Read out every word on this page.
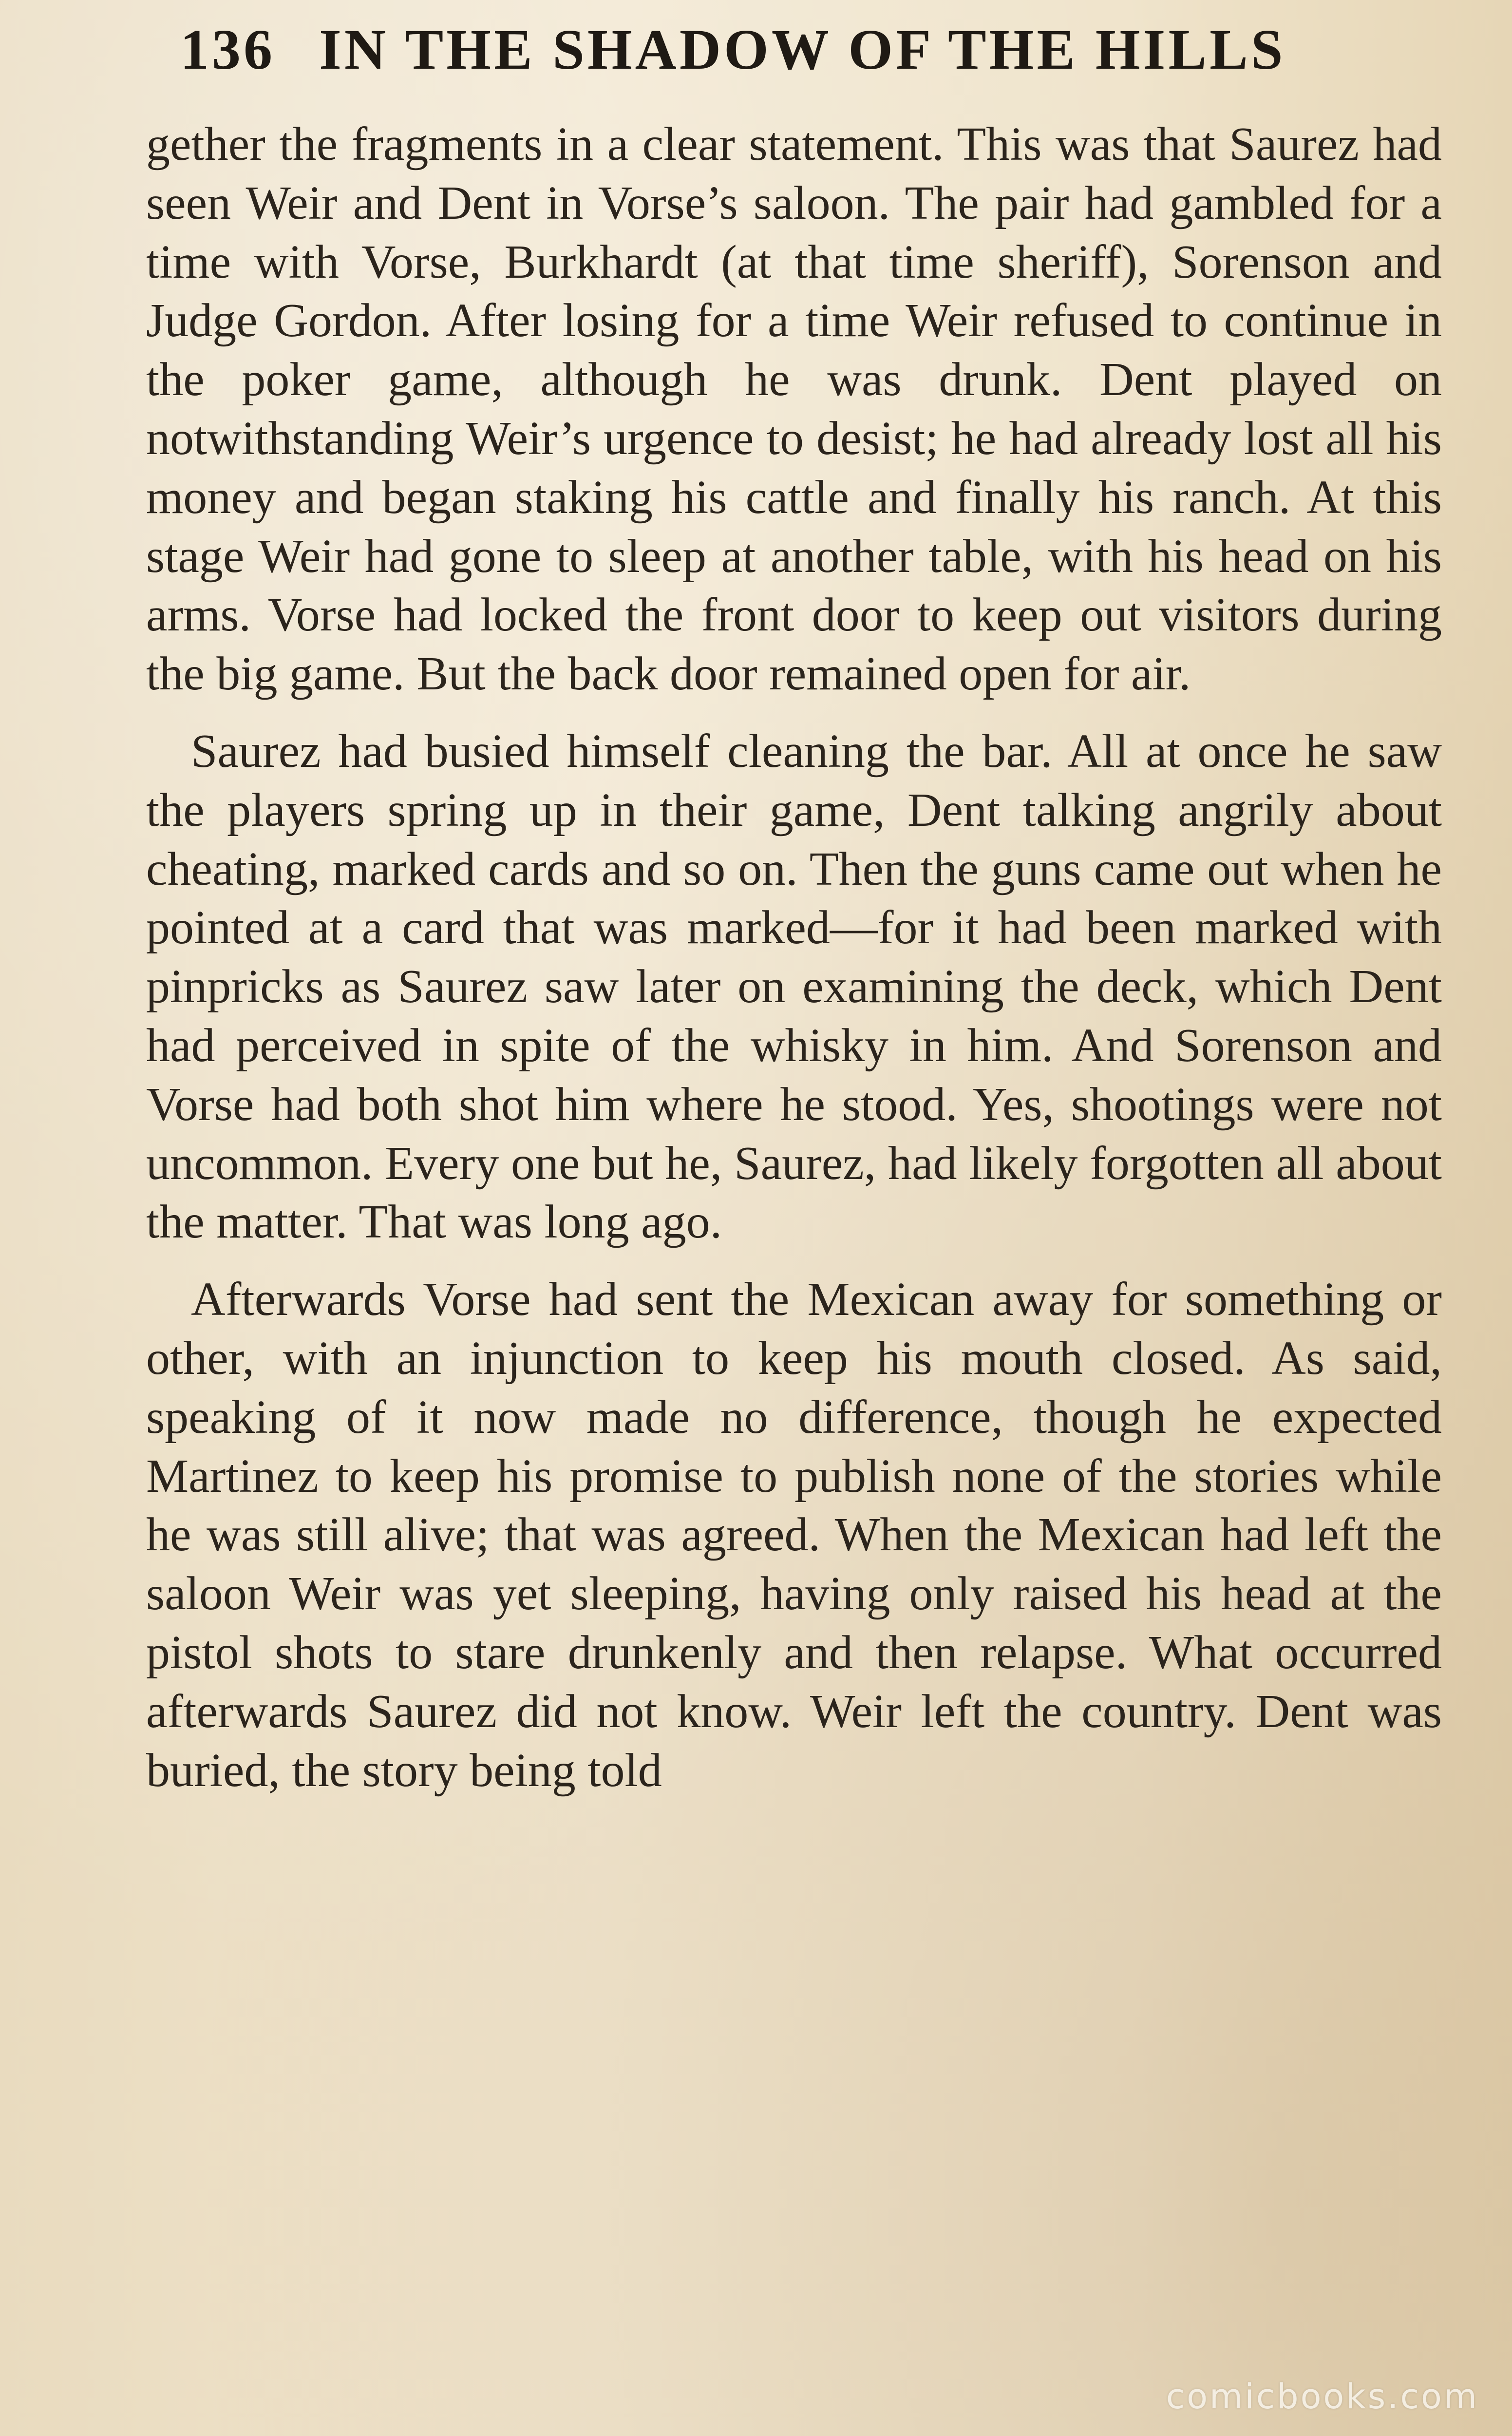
136 IN THE SHADOW OF THE HILLS

gether the fragments in a clear statement. This was that Saurez had seen Weir and Dent in Vorse’s saloon. The pair had gambled for a time with Vorse, Burkhardt (at that time sheriff), Sorenson and Judge Gordon. After losing for a time Weir refused to continue in the poker game, although he was drunk. Dent played on notwithstanding Weir’s urgence to desist; he had already lost all his money and began staking his cattle and finally his ranch. At this stage Weir had gone to sleep at another table, with his head on his arms. Vorse had locked the front door to keep out visitors during the big game. But the back door remained open for air.

Saurez had busied himself cleaning the bar. All at once he saw the players spring up in their game, Dent talking angrily about cheating, marked cards and so on. Then the guns came out when he pointed at a card that was marked—for it had been marked with pinpricks as Saurez saw later on examining the deck, which Dent had perceived in spite of the whisky in him. And Sorenson and Vorse had both shot him where he stood. Yes, shootings were not uncommon. Every one but he, Saurez, had likely forgotten all about the matter. That was long ago.

Afterwards Vorse had sent the Mexican away for something or other, with an injunction to keep his mouth closed. As said, speaking of it now made no difference, though he expected Martinez to keep his promise to publish none of the stories while he was still alive; that was agreed. When the Mexican had left the saloon Weir was yet sleeping, having only raised his head at the pistol shots to stare drunkenly and then relapse. What occurred afterwards Saurez did not know. Weir left the country. Dent was buried, the story being told

comicbooks.com
